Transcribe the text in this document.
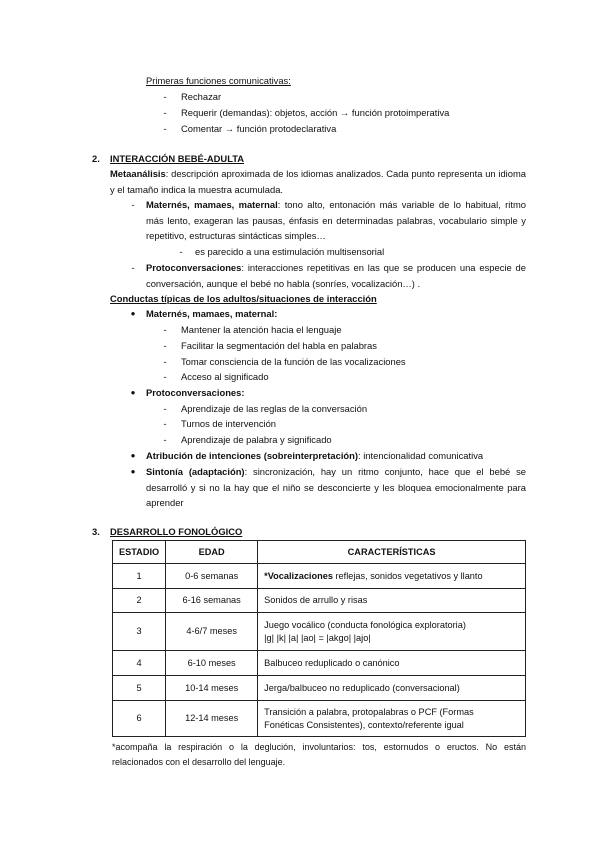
Primeras funciones comunicativas:
-	Rechazar
-	Requerir (demandas): objetos, acción → función protoimperativa
-	Comentar → función protodeclarativa
2. INTERACCIÓN BEBÉ-ADULTA
Metaanálisis: descripción aproximada de los idiomas analizados. Cada punto representa un idioma y el tamaño indica la muestra acumulada.
-	Maternés, mamaes, maternal: tono alto, entonación más variable de lo habitual, ritmo más lento, exageran las pausas, énfasis en determinadas palabras, vocabulario simple y repetitivo, estructuras sintácticas simples…
-	es parecido a una estimulación multisensorial
-	Protoconversaciones: interacciones repetitivas en las que se producen una especie de conversación, aunque el bebé no habla (sonríes, vocalización…) .
Conductas típicas de los adultos/situaciones de interacción
● Maternés, mamaes, maternal:
-	Mantener la atención hacia el lenguaje
-	Facilitar la segmentación del habla en palabras
-	Tomar consciencia de la función de las vocalizaciones
-	Acceso al significado
● Protoconversaciones:
-	Aprendizaje de las reglas de la conversación
-	Turnos de intervención
-	Aprendizaje de palabra y significado
● Atribución de intenciones (sobreinterpretación): intencionalidad comunicativa
● Sintonía (adaptación): sincronización, hay un ritmo conjunto, hace que el bebé se desarrolló y si no la hay que el niño se desconcierte y les bloquea emocionalmente para aprender
3. DESARROLLO FONOLÓGICO
ESTADIO	EDAD	CARACTERÍSTICAS
1	0-6 semanas	*Vocalizaciones reflejas, sonidos vegetativos y llanto
2	6-16 semanas	Sonidos de arrullo y risas
3	4-6/7 meses	Juego vocálico (conducta fonológica exploratoria)
|g| |k| |a| |ao| = |akgo| |ajo|

4	6-10 meses	Balbuceo reduplicado o canónico
5	10-14 meses	Jerga/balbuceo no reduplicado (conversacional)
6	12-14 meses	Transición a palabra, protopalabras o PCF (Formas
Fonéticas Consistentes), contexto/referente igual
*acompaña la respiración o la deglución, involuntarios: tos, estornudos o eructos. No están relacionados con el desarrollo del lenguaje.
